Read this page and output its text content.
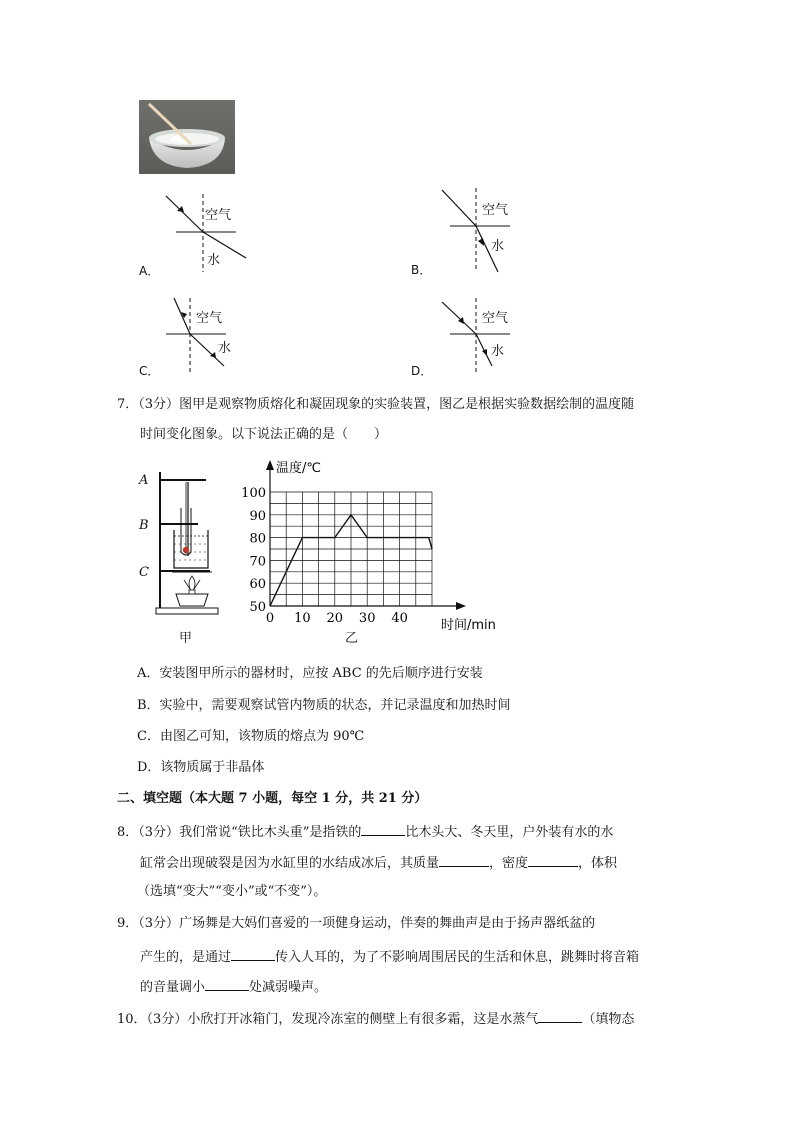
空气
水
A．
空气
水
B．
空气
水
C．
空气
水
D．
7．（3分）图甲是观察物质熔化和凝固现象的实验装置，图乙是根据实验数据绘制的温度随
时间变化图象。以下说法正确的是（　　）
A
B
C
甲
50
60
70
80
90
100
0 10 20 30 40
温度/℃
时间/min
乙
A．安装图甲所示的器材时，应按 ABC 的先后顺序进行安装
B．实验中，需要观察试管内物质的状态，并记录温度和加热时间
C．由图乙可知，该物质的熔点为 90℃
D．该物质属于非晶体
二、填空题（本大题 7 小题，每空 1 分，共 21 分）
8．（3分）我们常说“铁比木头重”是指铁的	比木头大、冬天里，户外装有水的水
缸常会出现破裂是因为水缸里的水结成冰后，其质量	，密度	，体积
（选填“变大”“变小”或“不变”）。
9．（3分）广场舞是大妈们喜爱的一项健身运动，伴奏的舞曲声是由于扬声器纸盆的
产生的，是通过	传入人耳的，为了不影响周围居民的生活和休息，跳舞时将音箱
的音量调小	处减弱噪声。
10．（3分）小欣打开冰箱门，发现冷冻室的侧壁上有很多霜，这是水蒸气	（填物态
